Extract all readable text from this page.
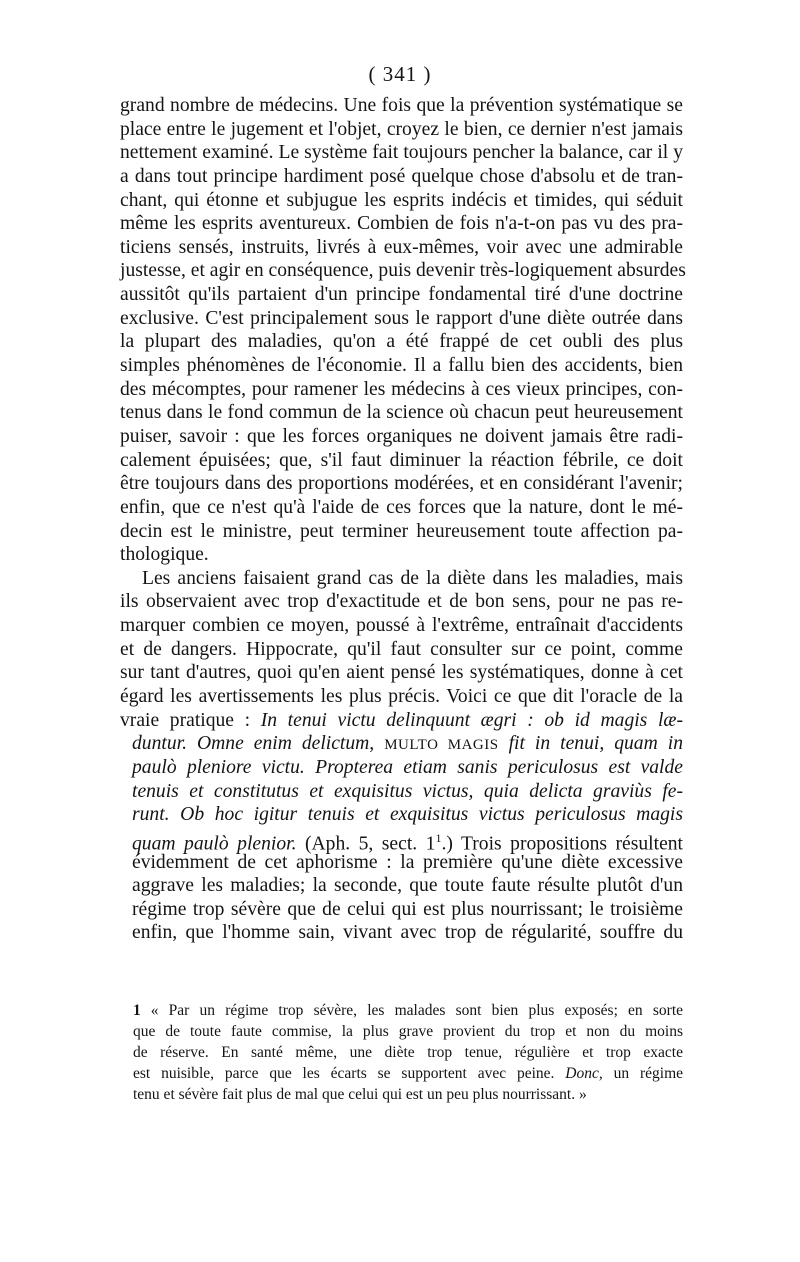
( 341 )
grand nombre de médecins. Une fois que la prévention systématique se
place entre le jugement et l'objet, croyez le bien, ce dernier n'est jamais
nettement examiné. Le système fait toujours pencher la balance, car il y
a dans tout principe hardiment posé quelque chose d'absolu et de tran-
chant, qui étonne et subjugue les esprits indécis et timides, qui séduit
même les esprits aventureux. Combien de fois n'a-t-on pas vu des pra-
ticiens sensés, instruits, livrés à eux-mêmes, voir avec une admirable
justesse, et agir en conséquence, puis devenir très-logiquement absurdes
aussitôt qu'ils partaient d'un principe fondamental tiré d'une doctrine
exclusive. C'est principalement sous le rapport d'une diète outrée dans
la plupart des maladies, qu'on a été frappé de cet oubli des plus
simples phénomènes de l'économie. Il a fallu bien des accidents, bien
des mécomptes, pour ramener les médecins à ces vieux principes, con-
tenus dans le fond commun de la science où chacun peut heureusement
puiser, savoir : que les forces organiques ne doivent jamais être radi-
calement épuisées; que, s'il faut diminuer la réaction fébrile, ce doit
être toujours dans des proportions modérées, et en considérant l'avenir;
enfin, que ce n'est qu'à l'aide de ces forces que la nature, dont le mé-
decin est le ministre, peut terminer heureusement toute affection pa-
thologique.
Les anciens faisaient grand cas de la diète dans les maladies, mais
ils observaient avec trop d'exactitude et de bon sens, pour ne pas re-
marquer combien ce moyen, poussé à l'extrême, entraînait d'accidents
et de dangers. Hippocrate, qu'il faut consulter sur ce point, comme
sur tant d'autres, quoi qu'en aient pensé les systématiques, donne à cet
égard les avertissements les plus précis. Voici ce que dit l'oracle de la
vraie pratique : In tenui victu delinquunt ægri : ob id magis læ-
duntur. Omne enim delictum, MULTO MAGIS fit in tenui, quam in
paulò pleniore victu. Propterea etiam sanis periculosus est valde
tenuis et constitutus et exquisitus victus, quia delicta graviùs fe-
runt. Ob hoc igitur tenuis et exquisitus victus periculosus magis
quam paulò plenior. (Aph. 5, sect. $1^1$.) Trois propositions résultent
évidemment de cet aphorisme : la première qu'une diète excessive
aggrave les maladies; la seconde, que toute faute résulte plutôt d'un
régime trop sévère que de celui qui est plus nourrissant; le troisième
enfin, que l'homme sain, vivant avec trop de régularité, souffre du
1 « Par un régime trop sévère, les malades sont bien plus exposés; en sorte
que de toute faute commise, la plus grave provient du trop et non du moins
de réserve. En santé même, une diète trop tenue, régulière et trop exacte
est nuisible, parce que les écarts se supportent avec peine. Donc, un régime
tenu et sévère fait plus de mal que celui qui est un peu plus nourrissant. »
